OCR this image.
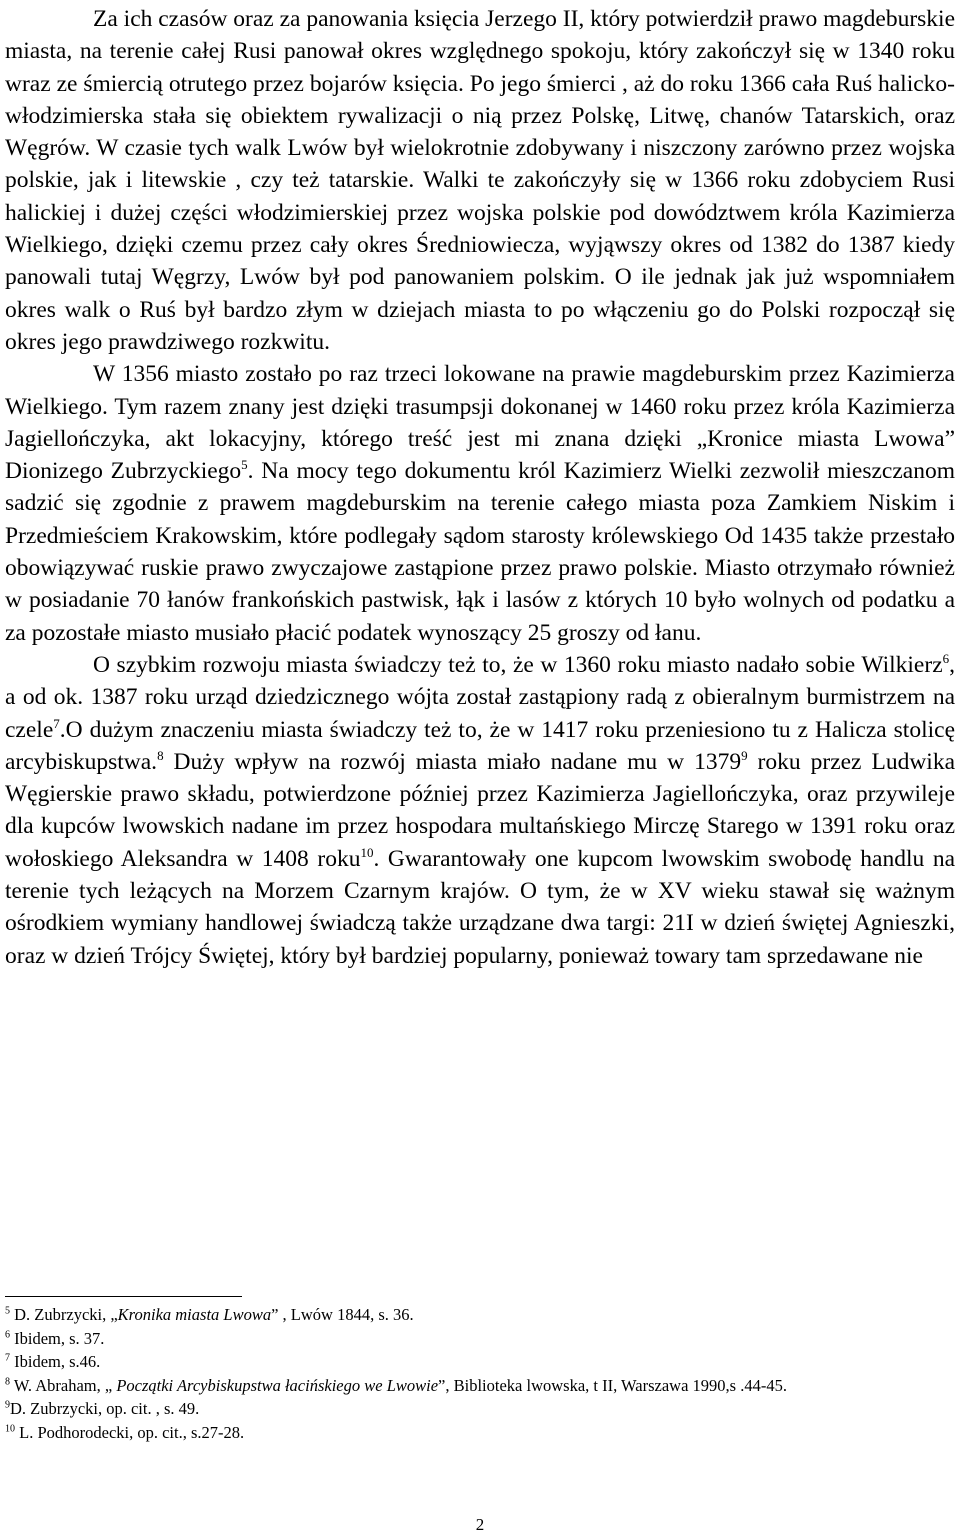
Za ich czasów oraz za panowania księcia Jerzego II, który potwierdził prawo magdeburskie miasta, na terenie całej Rusi panował okres względnego spokoju, który zakończył się w 1340 roku wraz ze śmiercią otrutego przez bojarów księcia. Po jego śmierci , aż do roku 1366 cała Ruś halicko-włodzimierska stała się obiektem rywalizacji o nią przez Polskę, Litwę, chanów Tatarskich, oraz Węgrów. W czasie tych walk Lwów był wielokrotnie zdobywany i niszczony zarówno przez wojska polskie, jak i litewskie , czy też tatarskie. Walki te zakończyły się w 1366 roku zdobyciem Rusi halickiej i dużej części włodzimierskiej przez wojska polskie pod dowództwem króla Kazimierza Wielkiego, dzięki czemu przez cały okres Średniowiecza, wyjąwszy okres od 1382 do 1387 kiedy panowali tutaj Węgrzy, Lwów był pod panowaniem polskim. O ile jednak jak już wspomniałem okres walk o Ruś był bardzo złym w dziejach miasta to po włączeniu go do Polski rozpoczął się okres jego prawdziwego rozkwitu.

W 1356 miasto zostało po raz trzeci lokowane na prawie magdeburskim przez Kazimierza Wielkiego. Tym razem znany jest dzięki trasumpsji dokonanej w 1460 roku przez króla Kazimierza Jagiellończyka, akt lokacyjny, którego treść jest mi znana dzięki „Kronice miasta Lwowa” Dionizego Zubrzyckiego$^5$. Na mocy tego dokumentu król Kazimierz Wielki zezwolił mieszczanom sadzić się zgodnie z prawem magdeburskim na terenie całego miasta poza Zamkiem Niskim i Przedmieściem Krakowskim, które podlegały sądom starosty królewskiego Od 1435 także przestało obowiązywać ruskie prawo zwyczajowe zastąpione przez prawo polskie. Miasto otrzymało również w posiadanie 70 łanów frankońskich pastwisk, łąk i lasów z których 10 było wolnych od podatku a za pozostałe miasto musiało płacić podatek wynoszący 25 groszy od łanu.

O szybkim rozwoju miasta świadczy też to, że w 1360 roku miasto nadało sobie Wilkierz$^6$, a od ok. 1387 roku urząd dziedzicznego wójta został zastąpiony radą z obieralnym burmistrzem na czele$^7$.O dużym znaczeniu miasta świadczy też to, że w 1417 roku przeniesiono tu z Halicza stolicę arcybiskupstwa.$^8$ Duży wpływ na rozwój miasta miało nadane mu w 1379$^9$ roku przez Ludwika Węgierskie prawo składu, potwierdzone później przez Kazimierza Jagiellończyka, oraz przywileje dla kupców lwowskich nadane im przez hospodara multańskiego Mirczę Starego w 1391 roku oraz wołoskiego Aleksandra w 1408 roku$^{10}$. Gwarantowały one kupcom lwowskim swobodę handlu na terenie tych leżących na Morzem Czarnym krajów. O tym, że w XV wieku stawał się ważnym ośrodkiem wymiany handlowej świadczą także urządzane dwa targi: 21I w dzień świętej Agnieszki, oraz w dzień Trójcy Świętej, który był bardziej popularny, ponieważ towary tam sprzedawane nie

$^5$ D. Zubrzycki, „Kronika miasta Lwowa” , Lwów 1844, s. 36.
$^6$ Ibidem, s. 37.
$^7$ Ibidem, s.46.
$^8$ W. Abraham, „ Początki Arcybiskupstwa łacińskiego we Lwowie”, Biblioteka lwowska, t II, Warszawa 1990,s .44-45.
$^9$D. Zubrzycki, op. cit. , s. 49.
$^{10}$ L. Podhorodecki, op. cit., s.27-28.
2
